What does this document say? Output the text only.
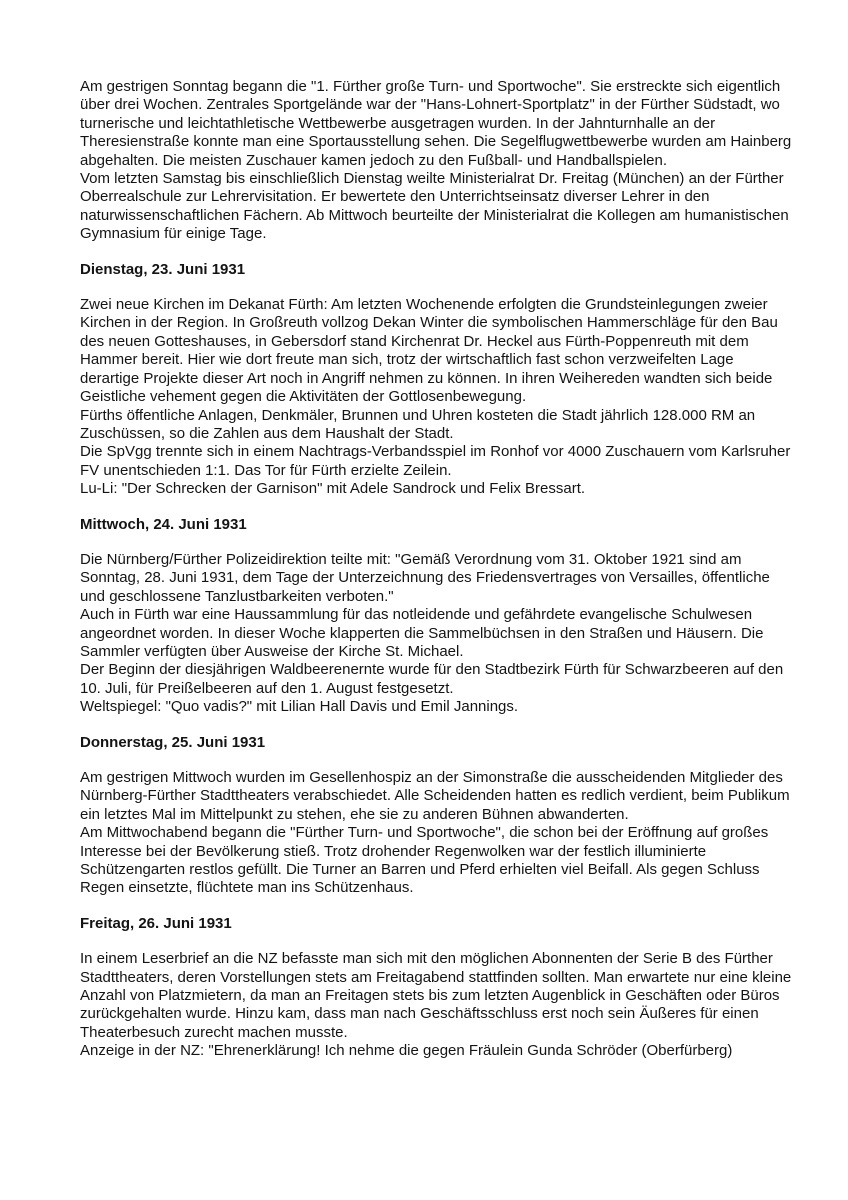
Am gestrigen Sonntag begann die "1. Fürther große Turn- und Sportwoche". Sie erstreckte sich eigentlich über drei Wochen. Zentrales Sportgelände war der "Hans-Lohnert-Sportplatz" in der Fürther Südstadt, wo turnerische und leichtathletische Wettbewerbe ausgetragen wurden. In der Jahnturnhalle an der Theresienstraße konnte man eine Sportausstellung sehen. Die Segelflugwettbewerbe wurden am Hainberg abgehalten. Die meisten Zuschauer kamen jedoch zu den Fußball- und Handballspielen.

Vom letzten Samstag bis einschließlich Dienstag weilte Ministerialrat Dr. Freitag (München) an der Fürther Oberrealschule zur Lehrervisitation. Er bewertete den Unterrichtseinsatz diverser Lehrer in den naturwissenschaftlichen Fächern. Ab Mittwoch beurteilte der Ministerialrat die Kollegen am humanistischen Gymnasium für einige Tage.

Dienstag, 23. Juni 1931

Zwei neue Kirchen im Dekanat Fürth: Am letzten Wochenende erfolgten die Grundsteinlegungen zweier Kirchen in der Region. In Großreuth vollzog Dekan Winter die symbolischen Hammerschläge für den Bau des neuen Gotteshauses, in Gebersdorf stand Kirchenrat Dr. Heckel aus Fürth-Poppenreuth mit dem Hammer bereit. Hier wie dort freute man sich, trotz der wirtschaftlich fast schon verzweifelten Lage derartige Projekte dieser Art noch in Angriff nehmen zu können. In ihren Weihereden wandten sich beide Geistliche vehement gegen die Aktivitäten der Gottlosenbewegung.

Fürths öffentliche Anlagen, Denkmäler, Brunnen und Uhren kosteten die Stadt jährlich 128.000 RM an Zuschüssen, so die Zahlen aus dem Haushalt der Stadt.

Die SpVgg trennte sich in einem Nachtrags-Verbandsspiel im Ronhof vor 4000 Zuschauern vom Karlsruher FV unentschieden 1:1. Das Tor für Fürth erzielte Zeilein.

Lu-Li: "Der Schrecken der Garnison" mit Adele Sandrock und Felix Bressart.

Mittwoch, 24. Juni 1931

Die Nürnberg/Fürther Polizeidirektion teilte mit: "Gemäß Verordnung vom 31. Oktober 1921 sind am Sonntag, 28. Juni 1931, dem Tage der Unterzeichnung des Friedensvertrages von Versailles, öffentliche und geschlossene Tanzlustbarkeiten verboten."

Auch in Fürth war eine Haussammlung für das notleidende und gefährdete evangelische Schulwesen angeordnet worden. In dieser Woche klapperten die Sammelbüchsen in den Straßen und Häusern. Die Sammler verfügten über Ausweise der Kirche St. Michael.

Der Beginn der diesjährigen Waldbeerenernte wurde für den Stadtbezirk Fürth für Schwarzbeeren auf den 10. Juli, für Preißelbeeren auf den 1. August festgesetzt.

Weltspiegel: "Quo vadis?" mit Lilian Hall Davis und Emil Jannings.

Donnerstag, 25. Juni 1931

Am gestrigen Mittwoch wurden im Gesellenhospiz an der Simonstraße die ausscheidenden Mitglieder des Nürnberg-Fürther Stadttheaters verabschiedet. Alle Scheidenden hatten es redlich verdient, beim Publikum ein letztes Mal im Mittelpunkt zu stehen, ehe sie zu anderen Bühnen abwanderten.

Am Mittwochabend begann die "Fürther Turn- und Sportwoche", die schon bei der Eröffnung auf großes Interesse bei der Bevölkerung stieß. Trotz drohender Regenwolken war der festlich illuminierte Schützengarten restlos gefüllt. Die Turner an Barren und Pferd erhielten viel Beifall. Als gegen Schluss Regen einsetzte, flüchtete man ins Schützenhaus.

Freitag, 26. Juni 1931

In einem Leserbrief an die NZ befasste man sich mit den möglichen Abonnenten der Serie B des Fürther Stadttheaters, deren Vorstellungen stets am Freitagabend stattfinden sollten. Man erwartete nur eine kleine Anzahl von Platzmietern, da man an Freitagen stets bis zum letzten Augenblick in Geschäften oder Büros zurückgehalten wurde. Hinzu kam, dass man nach Geschäftsschluss erst noch sein Äußeres für einen Theaterbesuch zurecht machen musste.

Anzeige in der NZ: "Ehrenerklärung! Ich nehme die gegen Fräulein Gunda Schröder (Oberfürberg)
